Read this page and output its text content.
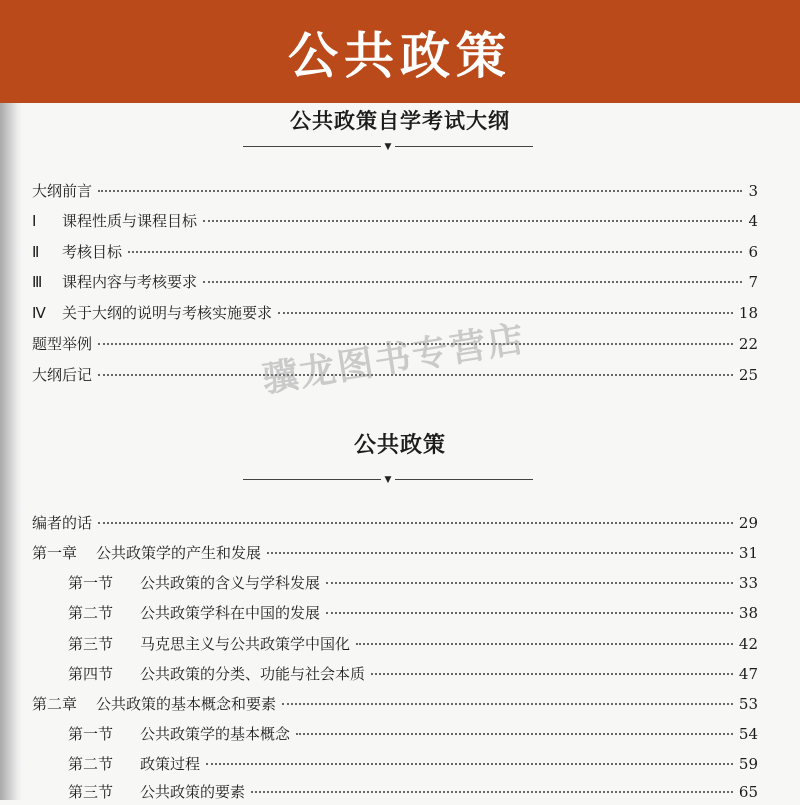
公共政策
公共政策自学考试大纲
▼
大纲前言	3
Ⅰ	课程性质与课程目标	4
Ⅱ	考核目标	6
Ⅲ	课程内容与考核要求	7
Ⅳ	关于大纲的说明与考核实施要求	18
题型举例	22
大纲后记	25
骥龙图书专营店
公共政策
▼
编者的话	29
第一章	公共政策学的产生和发展	31
第一节	公共政策的含义与学科发展	33
第二节	公共政策学科在中国的发展	38
第三节	马克思主义与公共政策学中国化	42
第四节	公共政策的分类、功能与社会本质	47
第二章	公共政策的基本概念和要素	53
第一节	公共政策学的基本概念	54
第二节	政策过程	59
第三节	公共政策的要素	65
